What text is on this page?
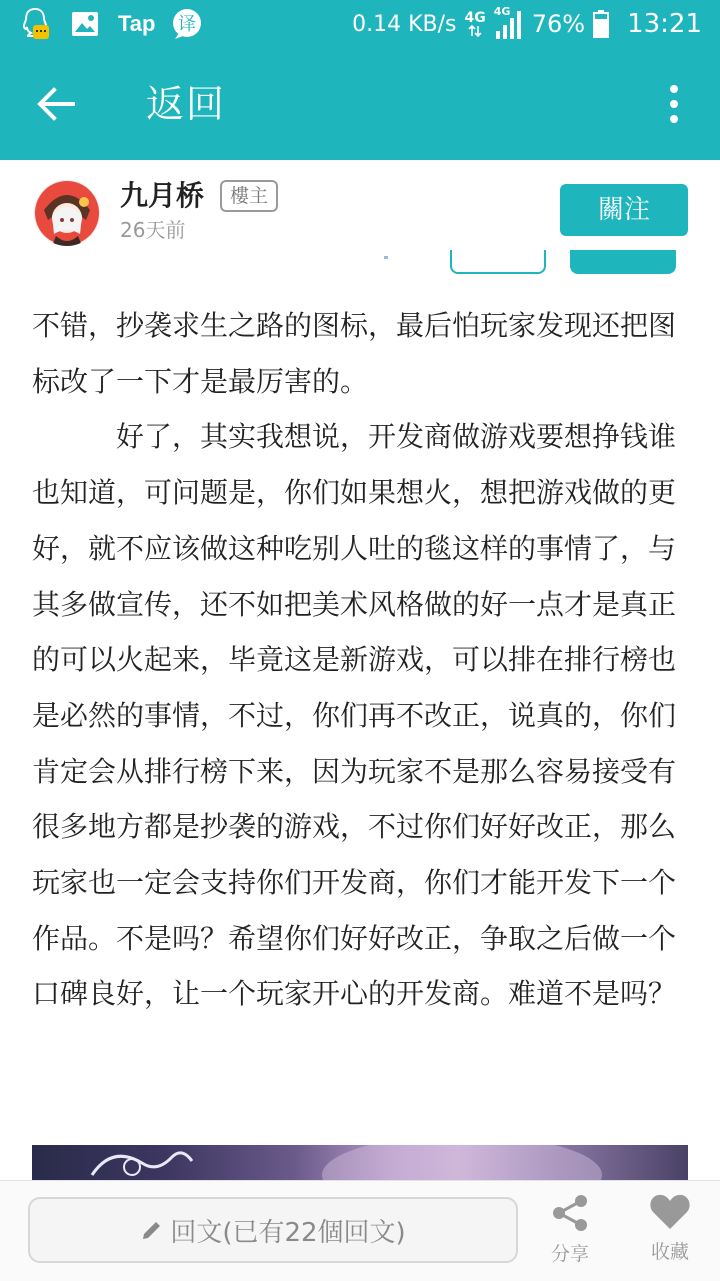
Tap 译	0.14 KB/s 4G 4G 76% 13:21
返回
九月桥	樓主
26天前
關注

不错，抄袭求生之路的图标，最后怕玩家发现还把图标改了一下才是最厉害的。

好了，其实我想说，开发商做游戏要想挣钱谁也知道，可问题是，你们如果想火，想把游戏做的更好，就不应该做这种吃别人吐的毯这样的事情了，与其多做宣传，还不如把美术风格做的好一点才是真正的可以火起来，毕竟这是新游戏，可以排在排行榜也是必然的事情，不过，你们再不改正，说真的，你们肯定会从排行榜下来，因为玩家不是那么容易接受有很多地方都是抄袭的游戏，不过你们好好改正，那么玩家也一定会支持你们开发商，你们才能开发下一个作品。不是吗？希望你们好好改正，争取之后做一个口碑良好，让一个玩家开心的开发商。难道不是吗？

回文(已有22個回文)
分享	收藏
